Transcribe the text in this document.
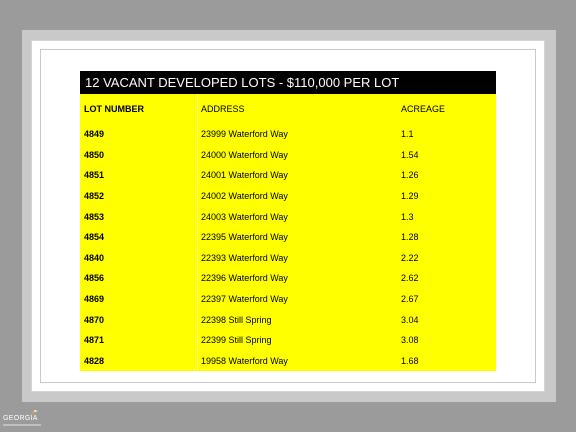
12 VACANT DEVELOPED LOTS - $110,000 PER LOT
LOT NUMBER	ADDRESS	ACREAGE
4849	23999 Waterford Way	1.1
4850	24000 Waterford Way	1.54
4851	24001 Waterford Way	1.26
4852	24002 Waterford Way	1.29
4853	24003 Waterford Way	1.3
4854	22395 Waterford Way	1.28
4840	22393 Waterford Way	2.22
4856	22396 Waterford Way	2.62
4869	22397 Waterford Way	2.67
4870	22398 Still Spring	3.04
4871	22399 Still Spring	3.08
4828	19958 Waterford Way	1.68
GEORGIA
